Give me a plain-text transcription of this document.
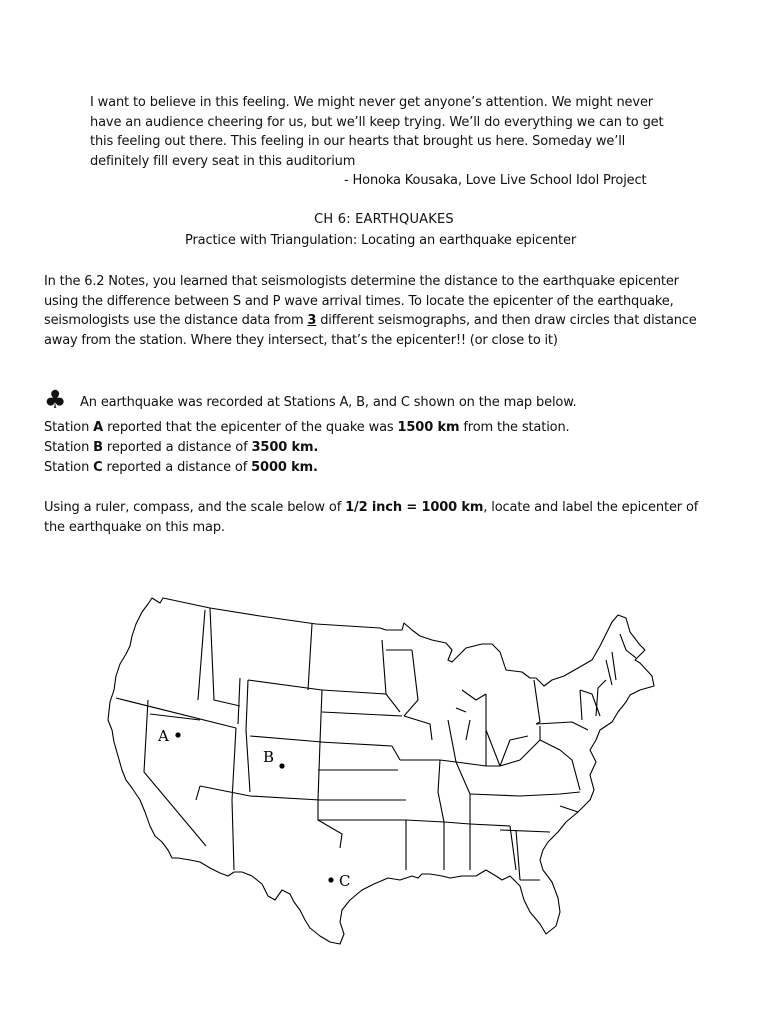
I want to believe in this feeling. We might never get anyone’s attention. We might never
have an audience cheering for us, but we’ll keep trying. We’ll do everything we can to get
this feeling out there. This feeling in our hearts that brought us here. Someday we’ll
definitely fill every seat in this auditorium
- Honoka Kousaka, Love Live School Idol Project
CH 6: EARTHQUAKES
Practice with Triangulation: Locating an earthquake epicenter
In the 6.2 Notes, you learned that seismologists determine the distance to the earthquake epicenter
using the difference between S and P wave arrival times. To locate the epicenter of the earthquake,
seismologists use the distance data from 3 different seismographs, and then draw circles that distance
away from the station. Where they intersect, that’s the epicenter!! (or close to it)
♣ An earthquake was recorded at Stations A, B, and C shown on the map below.
Station A reported that the epicenter of the quake was 1500 km from the station.
Station B reported a distance of 3500 km.
Station C reported a distance of 5000 km.
Using a ruler, compass, and the scale below of 1/2 inch = 1000 km, locate and label the epicenter of
the earthquake on this map.
A
B
C
